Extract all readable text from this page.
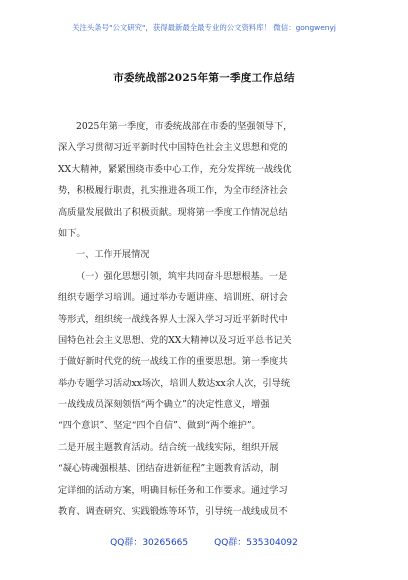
关注头条号"公文研究"，获得最新最全最专业的公文资料库！ 微信：gongwenyj
市委统战部2025年第一季度工作总结
2025年第一季度，市委统战部在市委的坚强领导下，
深入学习贯彻习近平新时代中国特色社会主义思想和党的
XX大精神，紧紧围绕市委中心工作，充分发挥统一战线优
势，积极履行职责，扎实推进各项工作，为全市经济社会
高质量发展做出了积极贡献。现将第一季度工作情况总结
如下。
一、工作开展情况
（一）强化思想引领，筑牢共同奋斗思想根基。一是
组织专题学习培训。通过举办专题讲座、培训班、研讨会
等形式，组织统一战线各界人士深入学习习近平新时代中
国特色社会主义思想、党的XX大精神以及习近平总书记关
于做好新时代党的统一战线工作的重要思想。第一季度共
举办专题学习活动xx场次，培训人数达xx余人次，引导统
一战线成员深刻领悟“两个确立”的决定性意义，增强
“四个意识”、坚定“四个自信”、做到“两个维护”。
二是开展主题教育活动。结合统一战线实际，组织开展
“凝心铸魂强根基、团结奋进新征程”主题教育活动，制
定详细的活动方案，明确目标任务和工作要求。通过学习
教育、调查研究、实践锻炼等环节，引导统一战线成员不
QQ群：30265665	QQ群：535304092
